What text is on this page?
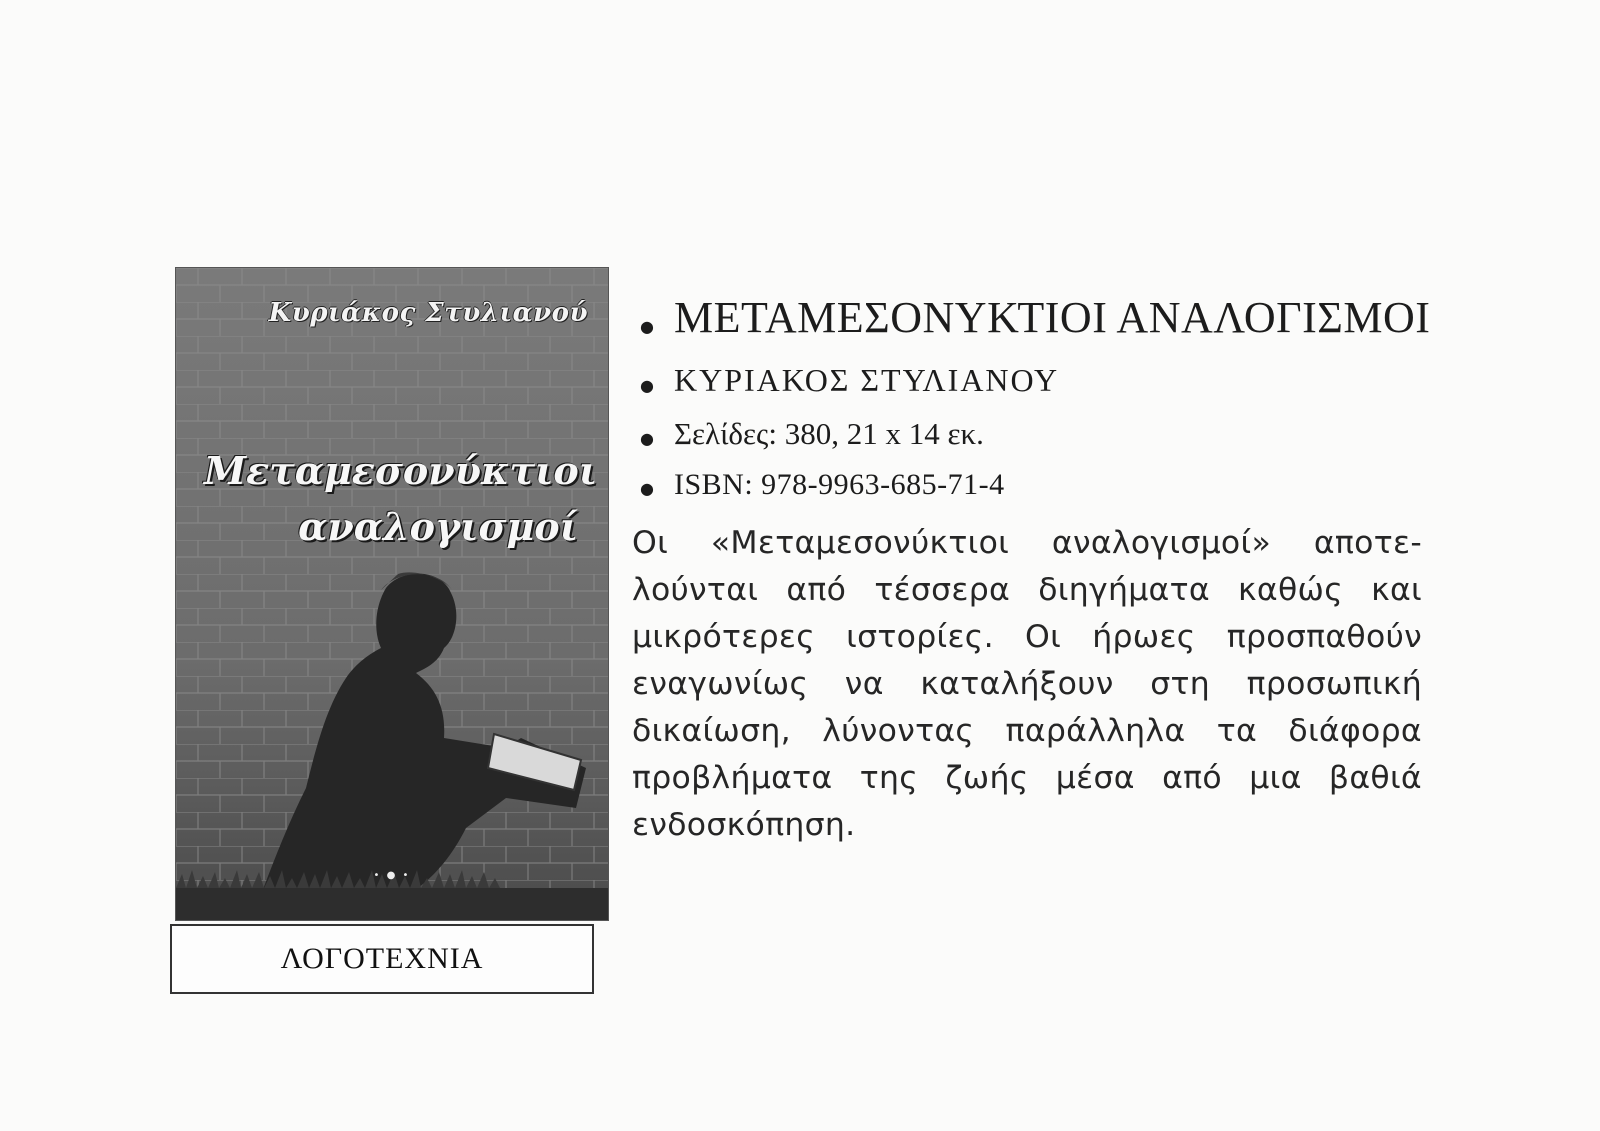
Κυριάκος Στυλιανού
Μεταμεσονύκτιοι
αναλογισμοί
• ● •
ΛΟΓΟΤΕΧΝΙΑ
● ΜΕΤΑΜΕΣΟΝΥΚΤΙΟΙ ΑΝΑΛΟΓΙΣΜΟΙ
● ΚΥΡΙΑΚΟΣ ΣΤΥΛΙΑΝΟΥ
● Σελίδες: 380, 21 x 14 εκ.
● ISBN: 978-9963-685-71-4
Οι «Μεταμεσονύκτιοι αναλογισμοί» αποτε-
λούνται από τέσσερα διηγήματα καθώς και
μικρότερες ιστορίες. Οι ήρωες προσπαθούν
εναγωνίως να καταλήξουν στη προσωπική
δικαίωση, λύνοντας παράλληλα τα διάφορα
προβλήματα της ζωής μέσα από μια βαθιά
ενδοσκόπηση.
